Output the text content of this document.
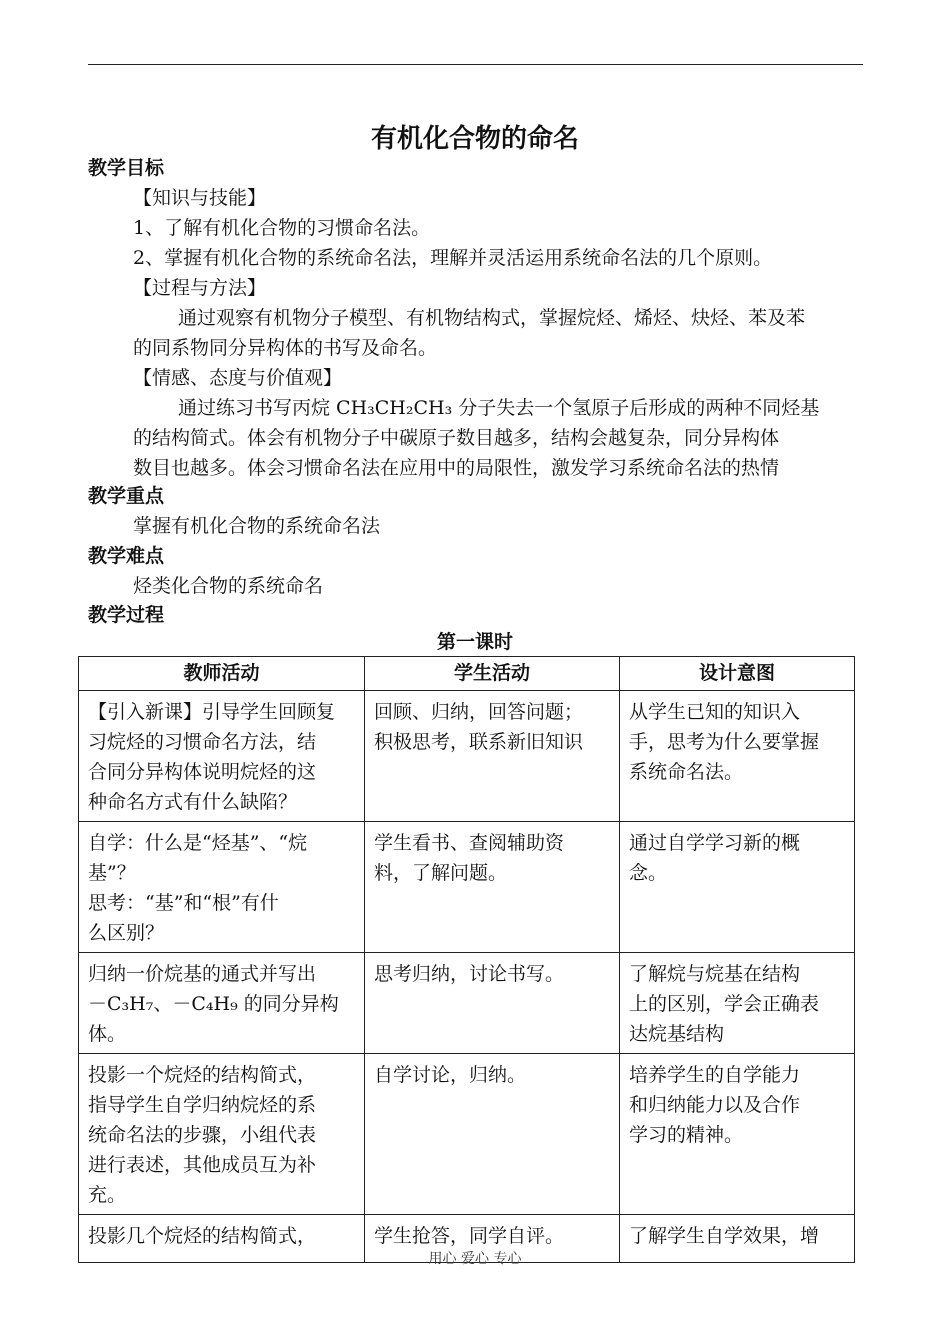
有机化合物的命名
教学目标
【知识与技能】
1、了解有机化合物的习惯命名法。
2、掌握有机化合物的系统命名法，理解并灵活运用系统命名法的几个原则。
【过程与方法】
通过观察有机物分子模型、有机物结构式，掌握烷烃、烯烃、炔烃、苯及苯
的同系物同分异构体的书写及命名。
【情感、态度与价值观】
通过练习书写丙烷 CH₃CH₂CH₃ 分子失去一个氢原子后形成的两种不同烃基
的结构简式。体会有机物分子中碳原子数目越多，结构会越复杂，同分异构体
数目也越多。体会习惯命名法在应用中的局限性，激发学习系统命名法的热情
教学重点
掌握有机化合物的系统命名法
教学难点
烃类化合物的系统命名
教学过程
第一课时
教师活动	学生活动	设计意图

【引入新课】引导学生回顾复
习烷烃的习惯命名方法，结
合同分异构体说明烷烃的这
种命名方式有什么缺陷？	回顾、归纳，回答问题；
积极思考，联系新旧知识	从学生已知的知识入
手，思考为什么要掌握
系统命名法。

自学：什么是“烃基”、“烷
基”？
思考：“基”和“根”有什
么区别？	学生看书、查阅辅助资
料，了解问题。	通过自学学习新的概
念。

归纳一价烷基的通式并写出
－C₃H₇、－C₄H₉ 的同分异构
体。	思考归纳，讨论书写。	了解烷与烷基在结构
上的区别，学会正确表
达烷基结构

投影一个烷烃的结构简式，
指导学生自学归纳烷烃的系
统命名法的步骤，小组代表
进行表述，其他成员互为补
充。	自学讨论，归纳。	培养学生的自学能力
和归纳能力以及合作
学习的精神。

投影几个烷烃的结构简式，	学生抢答，同学自评。	了解学生自学效果，增
用心 爱心 专心
